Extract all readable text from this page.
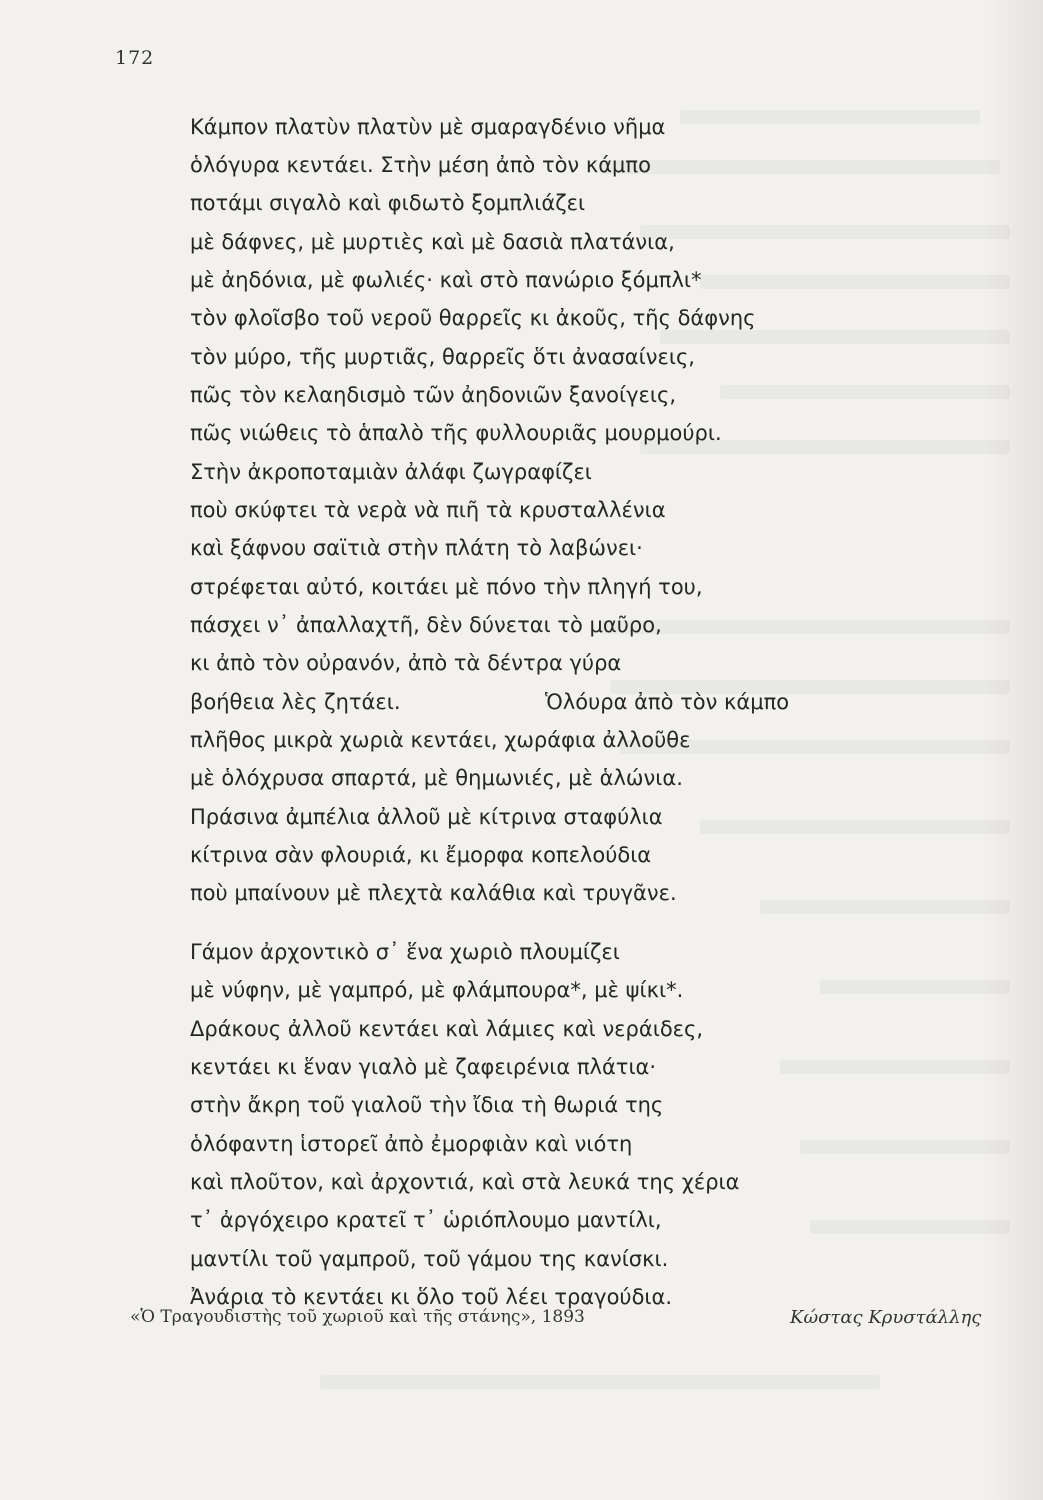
172
Κάμπον πλατὺν πλατὺν μὲ σμαραγδένιο νῆμα
ὁλόγυρα κεντάει. Στὴν μέση ἀπὸ τὸν κάμπο
ποτάμι σιγαλὸ καὶ φιδωτὸ ξομπλιάζει
μὲ δάφνες, μὲ μυρτιὲς καὶ μὲ δασιὰ πλατάνια,
μὲ ἀηδόνια, μὲ φωλιές· καὶ στὸ πανώριο ξόμπλι*
τὸν φλοῖσβο τοῦ νεροῦ θαρρεῖς κι ἀκοῦς, τῆς δάφνης
τὸν μύρο, τῆς μυρτιᾶς, θαρρεῖς ὅτι ἀνασαίνεις,
πῶς τὸν κελαηδισμὸ τῶν ἀηδονιῶν ξανοίγεις,
πῶς νιώθεις τὸ ἁπαλὸ τῆς φυλλουριᾶς μουρμούρι.
Στὴν ἀκροποταμιὰν ἀλάφι ζωγραφίζει
ποὺ σκύφτει τὰ νερὰ νὰ πιῆ τὰ κρυσταλλένια
καὶ ξάφνου σαϊτιὰ στὴν πλάτη τὸ λαβώνει·
στρέφεται αὐτό, κοιτάει μὲ πόνο τὴν πληγή του,
πάσχει ν᾽ ἀπαλλαχτῆ, δὲν δύνεται τὸ μαῦρο,
κι ἀπὸ τὸν οὐρανόν, ἀπὸ τὰ δέντρα γύρα
βοήθεια λὲς ζητάει.	Ὁλόυρα ἀπὸ τὸν κάμπο
πλῆθος μικρὰ χωριὰ κεντάει, χωράφια ἀλλοῦθε
μὲ ὁλόχρυσα σπαρτά, μὲ θημωνιές, μὲ ἁλώνια.
Πράσινα ἀμπέλια ἀλλοῦ μὲ κίτρινα σταφύλια
κίτρινα σὰν φλουριά, κι ἔμορφα κοπελούδια
ποὺ μπαίνουν μὲ πλεχτὰ καλάθια καὶ τρυγᾶνε.
Γάμον ἀρχοντικὸ σ᾽ ἕνα χωριὸ πλουμίζει
μὲ νύφην, μὲ γαμπρό, μὲ φλάμπουρα*, μὲ ψίκι*.
Δράκους ἀλλοῦ κεντάει καὶ λάμιες καὶ νεράιδες,
κεντάει κι ἕναν γιαλὸ μὲ ζαφειρένια πλάτια·
στὴν ἄκρη τοῦ γιαλοῦ τὴν ἴδια τὴ θωριά της
ὁλόφαντη ἱστορεῖ ἀπὸ ἐμορφιὰν καὶ νιότη
καὶ πλοῦτον, καὶ ἀρχοντιά, καὶ στὰ λευκά της χέρια
τ᾽ ἀργόχειρο κρατεῖ τ᾽ ὡριόπλουμο μαντίλι,
μαντίλι τοῦ γαμπροῦ, τοῦ γάμου της κανίσκι.
Ἀνάρια τὸ κεντάει κι ὅλο τοῦ λέει τραγούδια.
«Ὁ Τραγουδιστὴς τοῦ χωριοῦ καὶ τῆς στάνης», 1893	Κώστας Κρυστάλλης
